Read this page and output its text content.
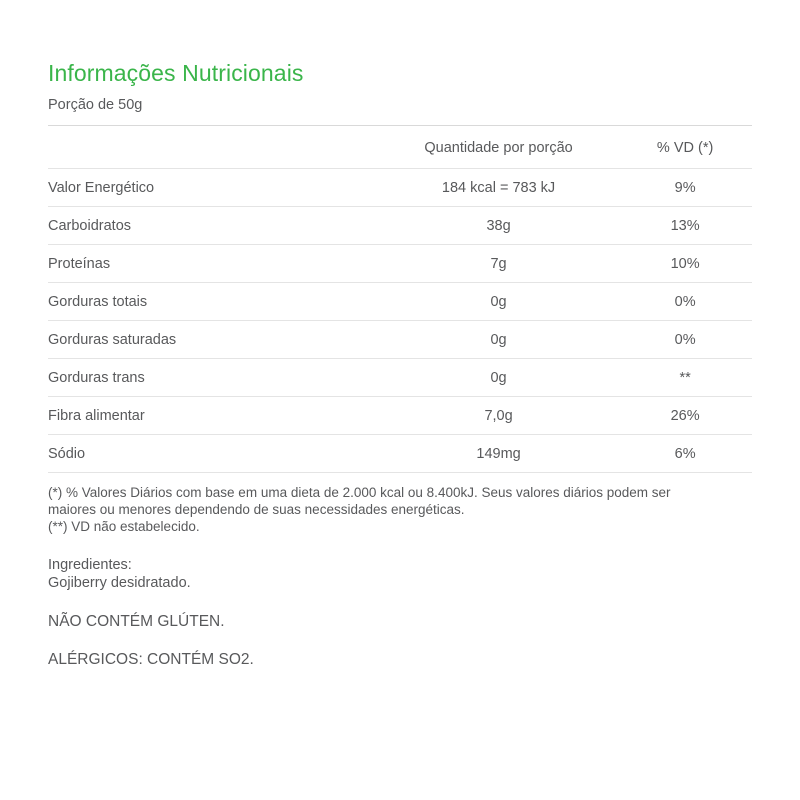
Informações Nutricionais

Porção de 50g

	Quantidade por porção	% VD (*)
Valor Energético	184 kcal = 783 kJ	9%
Carboidratos	38g	13%
Proteínas	7g	10%
Gorduras totais	0g	0%
Gorduras saturadas	0g	0%
Gorduras trans	0g	**
Fibra alimentar	7,0g	26%
Sódio	149mg	6%

(*) % Valores Diários com base em uma dieta de 2.000 kcal ou 8.400kJ. Seus valores diários podem ser

maiores ou menores dependendo de suas necessidades energéticas.

(**) VD não estabelecido.

Ingredientes:

Gojiberry desidratado.

NÃO CONTÉM GLÚTEN.
ALÉRGICOS: CONTÉM SO2.
